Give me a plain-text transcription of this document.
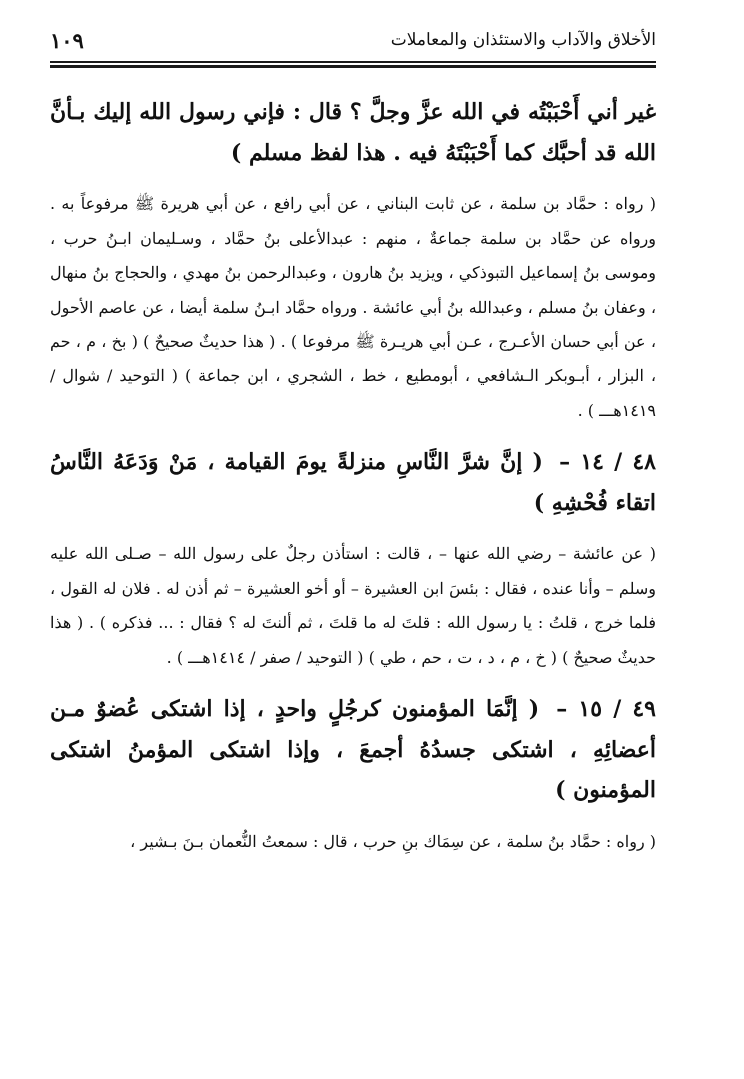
الأخلاق والآداب والاستئذان والمعاملات
١٠٩

غير أني أَحْبَبْتُه في الله عزَّ وجلَّ ؟ قال : فإني رسول الله إليك بـأنَّ الله قد أحبَّك كما أَحْبَبْتَهُ فيه . هذا لفظ مسلم )

( رواه : حمَّاد بن سلمة ، عن ثابت البناني ، عن أبي رافع ، عن أبي هريرة ﷺ مرفوعاً به . ورواه عن حمَّاد بن سلمة جماعةٌ ، منهم : عبدالأعلى بنُ حمَّاد ، وسـليمان ابـنُ حرب ، وموسى بنُ إسماعيل التبوذكي ، ويزيد بنُ هارون ، وعبدالرحمن بنُ مهدي ، والحجاج بنُ منهال ، وعفان بنُ مسلم ، وعبدالله بنُ أبي عائشة . ورواه حمَّاد ابـنُ سلمة أيضا ، عن عاصم الأحول ، عن أبي حسان الأعـرج ، عـن أبي هريـرة ﷺ مرفوعا ) . ( هذا حديثٌ صحيحٌ ) ( بخ ، م ، حم ، البزار ، أبـوبكر الـشافعي ، أبومطيع ، خط ، الشجري ، ابن جماعة ) ( التوحيد / شوال / ١٤١٩هـــ ) .

٤٨ / ١٤ – ( إنَّ شرَّ النَّاسِ منزلةً يومَ القيامة ، مَنْ وَدَعَهُ النَّاسُ اتقاء فُحْشِهِ )

( عن عائشة – رضي الله عنها – ، قالت : استأذن رجلٌ على رسول الله – صـلى الله عليه وسلم – وأنا عنده ، فقال : بئسَ ابن العشيرة – أو أخو العشيرة – ثم أذن له . فلان له القول ، فلما خرج ، قلتُ : يا رسول الله : قلتَ له ما قلتَ ، ثم ألنتَ له ؟ فقال : ... فذكره ) . ( هذا حديثٌ صحيحٌ ) ( خ ، م ، د ، ت ، حم ، طي ) ( التوحيد / صفر / ١٤١٤هـــ ) .

٤٩ / ١٥ – ( إنَّمَا المؤمنون كرجُلٍ واحدٍ ، إذا اشتكى عُضوٌ مـن أعضائِهِ ، اشتكى جسدُهُ أجمعَ ، وإذا اشتكى المؤمنُ اشتكى المؤمنون )

( رواه : حمَّاد بنُ سلمة ، عن سِمَاك بنِ حرب ، قال : سمعتُ النُّعمان بـنَ بـشير ،
